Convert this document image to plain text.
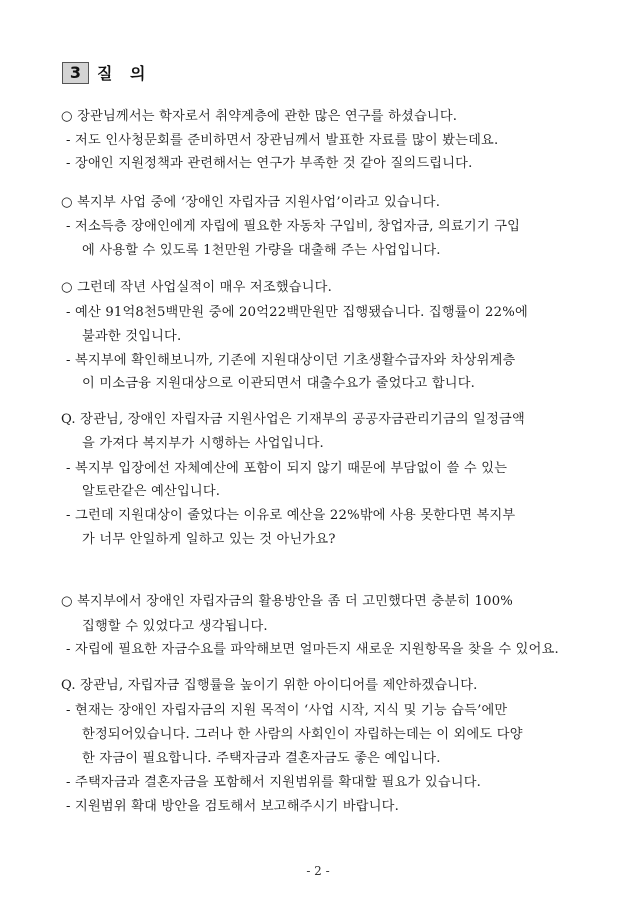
3 질 의
○ 장관님께서는 학자로서 취약계층에 관한 많은 연구를 하셨습니다.
- 저도 인사청문회를 준비하면서 장관님께서 발표한 자료를 많이 봤는데요.
- 장애인 지원정책과 관련해서는 연구가 부족한 것 같아 질의드립니다.
○ 복지부 사업 중에 ‘장애인 자립자금 지원사업’이라고 있습니다.
- 저소득층 장애인에게 자립에 필요한 자동차 구입비, 창업자금, 의료기기 구입
에 사용할 수 있도록 1천만원 가량을 대출해 주는 사업입니다.
○ 그런데 작년 사업실적이 매우 저조했습니다.
- 예산 91억8천5백만원 중에 20억22백만원만 집행됐습니다. 집행률이 22%에
불과한 것입니다.
- 복지부에 확인해보니까, 기존에 지원대상이던 기초생활수급자와 차상위계층
이 미소금융 지원대상으로 이관되면서 대출수요가 줄었다고 합니다.
Q. 장관님, 장애인 자립자금 지원사업은 기재부의 공공자금관리기금의 일정금액
을 가져다 복지부가 시행하는 사업입니다.
- 복지부 입장에선 자체예산에 포함이 되지 않기 때문에 부담없이 쓸 수 있는
알토란같은 예산입니다.
- 그런데 지원대상이 줄었다는 이유로 예산을 22%밖에 사용 못한다면 복지부
가 너무 안일하게 일하고 있는 것 아닌가요?
○ 복지부에서 장애인 자립자금의 활용방안을 좀 더 고민했다면 충분히 100%
집행할 수 있었다고 생각됩니다.
- 자립에 필요한 자금수요를 파악해보면 얼마든지 새로운 지원항목을 찾을 수 있어요.
Q. 장관님, 자립자금 집행률을 높이기 위한 아이디어를 제안하겠습니다.
- 현재는 장애인 자립자금의 지원 목적이 ‘사업 시작, 지식 및 기능 습득’에만
한정되어있습니다. 그러나 한 사람의 사회인이 자립하는데는 이 외에도 다양
한 자금이 필요합니다. 주택자금과 결혼자금도 좋은 예입니다.
- 주택자금과 결혼자금을 포함해서 지원범위를 확대할 필요가 있습니다.
- 지원범위 확대 방안을 검토해서 보고해주시기 바랍니다.
- 2 -
